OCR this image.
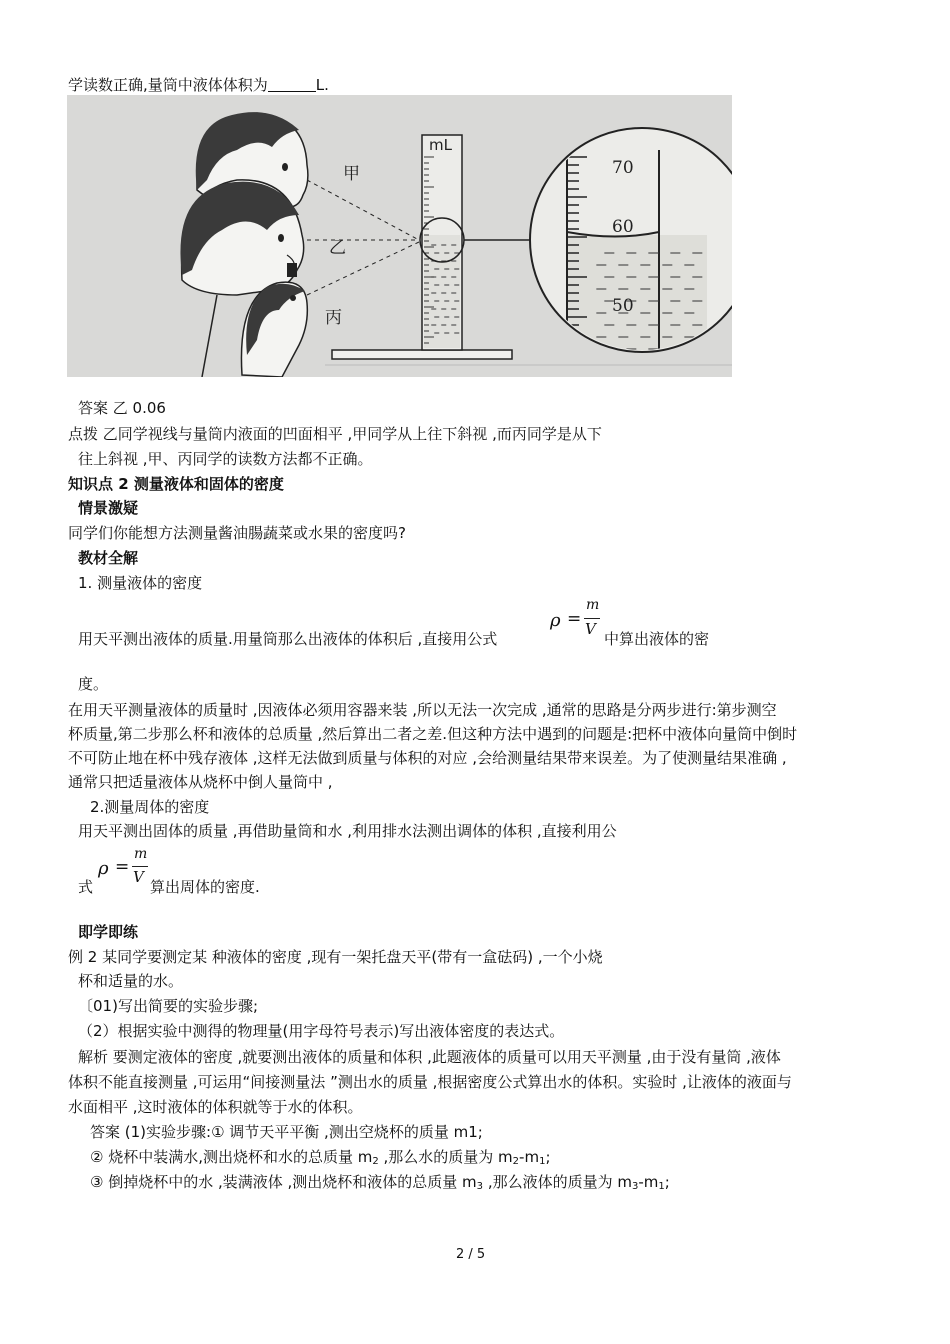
学读数正确,量筒中液体体积为	L.
mL
70
60
50
甲
乙
丙
答案 乙 0.06
点拨 乙同学视线与量筒内液面的凹面相平 ,甲同学从上往下斜视 ,而丙同学是从下
往上斜视 ,甲、丙同学的读数方法都不正确。
知识点 2 测量液体和固体的密度
情景激疑
同学们你能想方法测量酱油腸蔬菜或水果的密度吗?
教材全解
1. 测量液体的密度
用天平测出液体的质量.用量筒那么出液体的体积后 ,直接用公式
ρ =
m
V
中算出液体的密
度。
在用天平测量液体的质量时 ,因液体必须用容器来装 ,所以无法一次完成 ,通常的思路是分两步进行:第步测空
杯质量,第二步那么杯和液体的总质量 ,然后算出二者之差.但这种方法中遇到的问题是:把杯中液体向量筒中倒时
不可防止地在杯中残存液体 ,这样无法做到质量与体积的对应 ,会给测量结果带来误差。为了使测量结果准确 ,
通常只把适量液体从烧杯中倒人量筒中 ,
2.测量周体的密度
用天平测出固体的质量 ,再借助量筒和水 ,利用排水法测出调体的体积 ,直接利用公
式
ρ =
m
V
算出周体的密度.
即学即练
例 2 某同学要测定某 种液体的密度 ,现有一架托盘天平(带有一盒砝码) ,一个小烧
杯和适量的水。
〔01)写出简要的实验步骤;
（2）根据实验中测得的物理量(用字母符号表示)写出液体密度的表达式。
解析 要测定液体的密度 ,就要测出液体的质量和体积 ,此题液体的质量可以用天平测量 ,由于没有量筒 ,液体
体积不能直接测量 ,可运用“间接测量法 ”测出水的质量 ,根据密度公式算出水的体积。实验时 ,让液体的液面与
水面相平 ,这时液体的体积就等于水的体积。
答案 (1)实验步骤:① 调节天平平衡 ,测出空烧杯的质量 m1;
② 烧杯中装满水,测出烧杯和水的总质量 $m_2$ ,那么水的质量为 $m_2-m_1$;
③ 倒掉烧杯中的水 ,装满液体 ,测出烧杯和液体的总质量 $m_3$ ,那么液体的质量为 $m_3-m_1$;
2 / 5
